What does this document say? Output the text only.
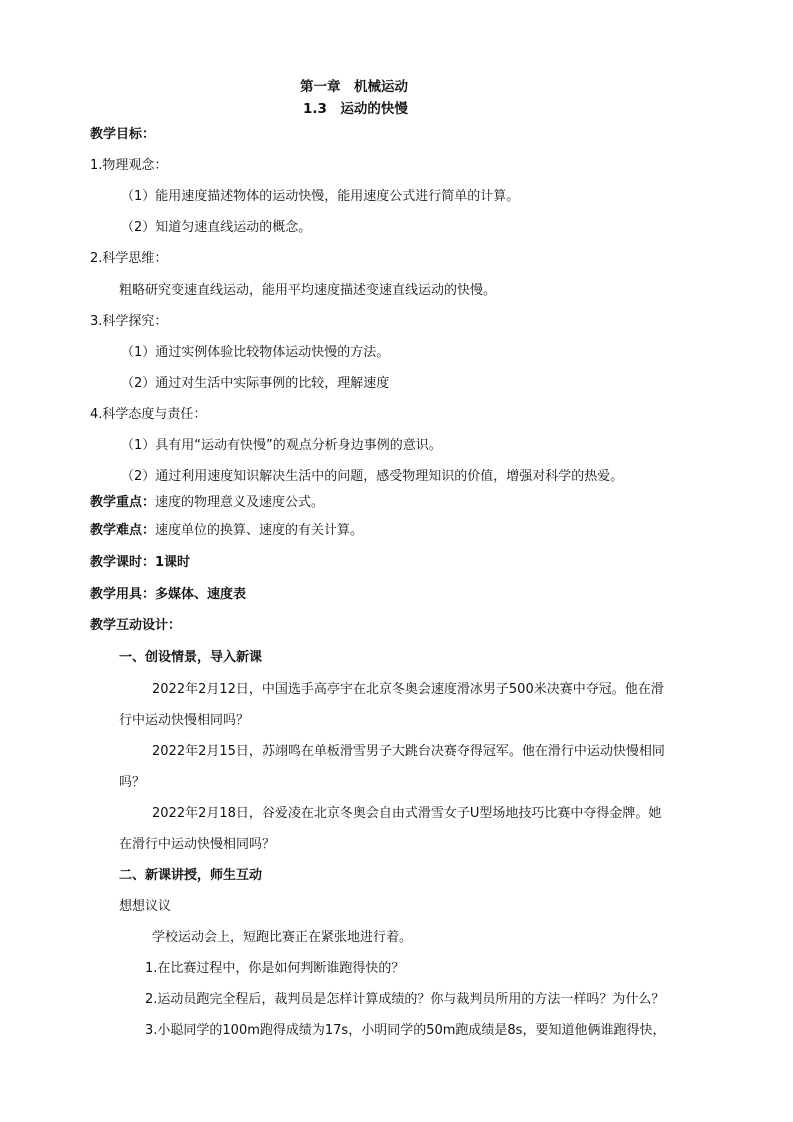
第一章　机械运动
1.3　运动的快慢
教学目标：
1.物理观念：
（1）能用速度描述物体的运动快慢，能用速度公式进行简单的计算。
（2）知道匀速直线运动的概念。
2.科学思维：
粗略研究变速直线运动，能用平均速度描述变速直线运动的快慢。
3.科学探究：
（1）通过实例体验比较物体运动快慢的方法。
（2）通过对生活中实际事例的比较，理解速度
4.科学态度与责任：
（1）具有用“运动有快慢”的观点分析身边事例的意识。
（2）通过利用速度知识解决生活中的问题，感受物理知识的价值，增强对科学的热爱。
教学重点：速度的物理意义及速度公式。
教学难点：速度单位的换算、速度的有关计算。
教学课时：1课时
教学用具：多媒体、速度表
教学互动设计：
一、创设情景，导入新课
2022年2月12日，中国选手高亭宇在北京冬奥会速度滑冰男子500米决赛中夺冠。他在滑
行中运动快慢相同吗？
2022年2月15日，苏翊鸣在单板滑雪男子大跳台决赛夺得冠军。他在滑行中运动快慢相同
吗？
2022年2月18日，谷爱凌在北京冬奥会自由式滑雪女子U型场地技巧比赛中夺得金牌。她
在滑行中运动快慢相同吗？
二、新课讲授，师生互动
想想议议
学校运动会上，短跑比赛正在紧张地进行着。
1.在比赛过程中，你是如何判断谁跑得快的？
2.运动员跑完全程后，裁判员是怎样计算成绩的？你与裁判员所用的方法一样吗？为什么？
3.小聪同学的100m跑得成绩为17s，小明同学的50m跑成绩是8s，要知道他俩谁跑得快，
